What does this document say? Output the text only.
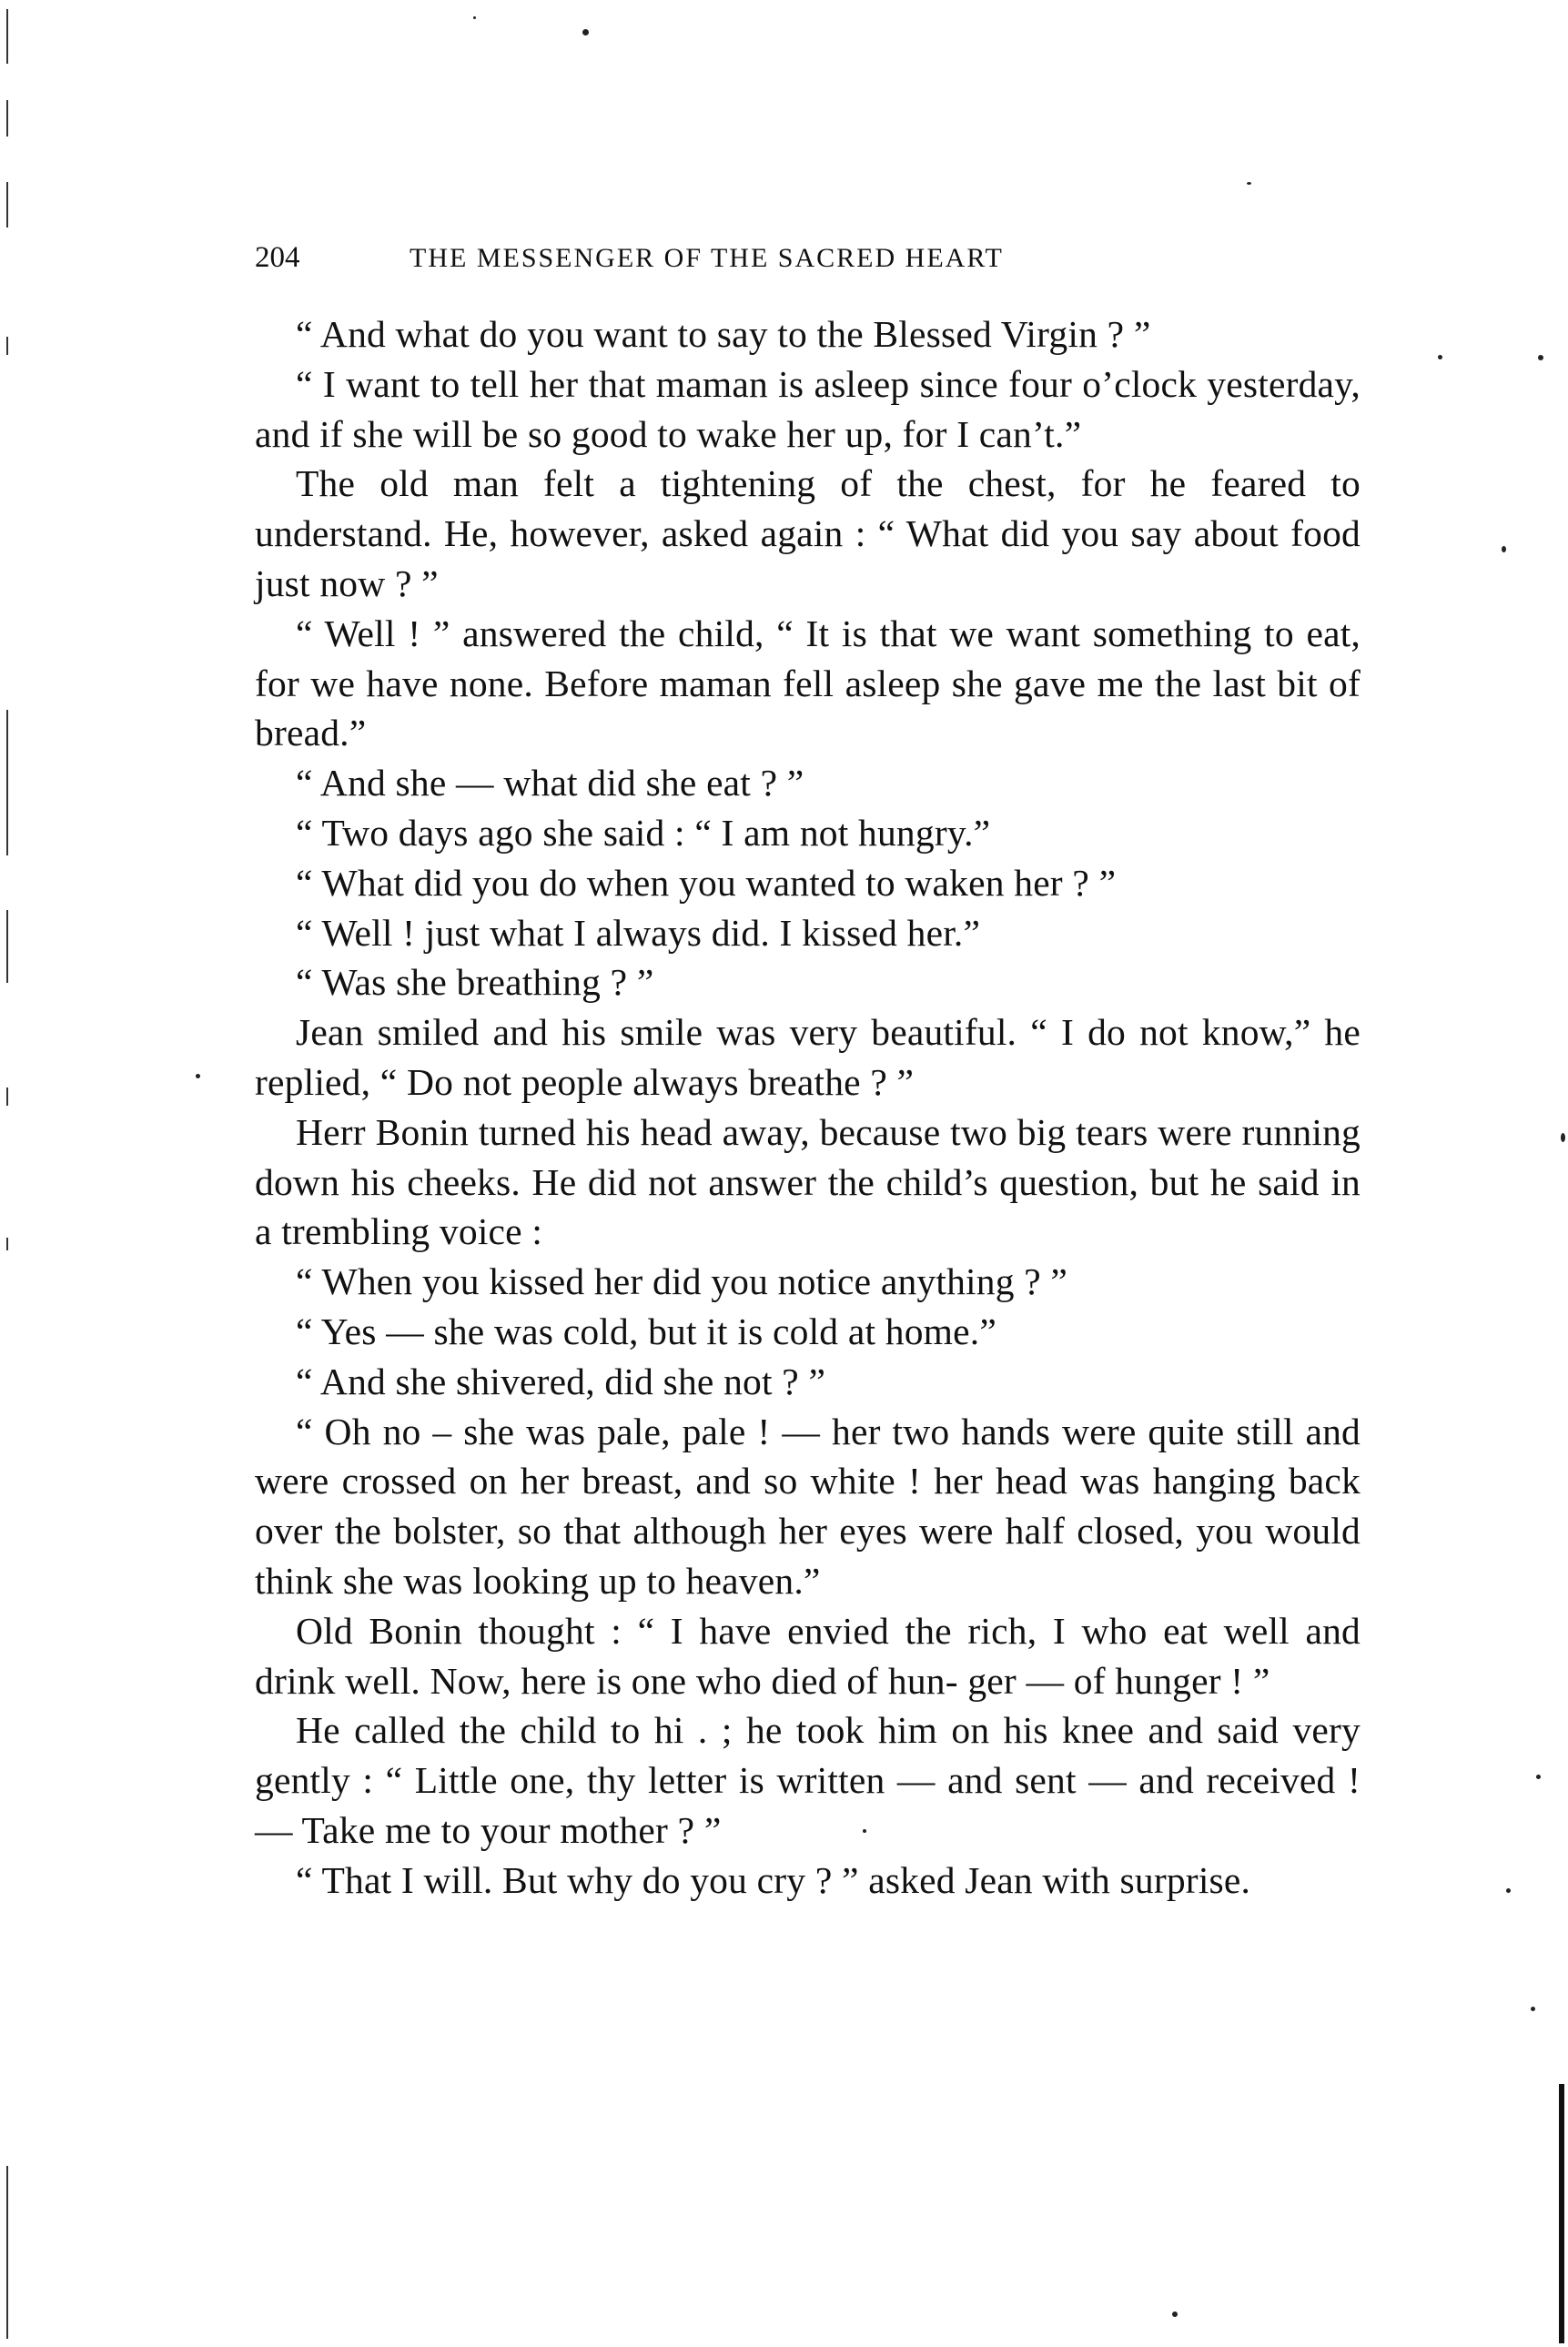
204	THE MESSENGER OF THE SACRED HEART

“ And what do you want to say to the Blessed Virgin ? ”

“ I want to tell her that maman is asleep since four o’clock yesterday, and if she will be so good to wake her up, for I can’t.”

The old man felt a tightening of the chest, for he feared to understand. He, however, asked again : “ What did you say about food just now ? ”

“ Well ! ” answered the child, “ It is that we want something to eat, for we have none. Before maman fell asleep she gave me the last bit of bread.”

“ And she — what did she eat ? ”

“ Two days ago she said : “ I am not hungry.”

“ What did you do when you wanted to waken her ? ”

“ Well ! just what I always did. I kissed her.”

“ Was she breathing ? ”

Jean smiled and his smile was very beautiful. “ I do not know,” he replied, “ Do not people always breathe ? ”

Herr Bonin turned his head away, because two big tears were running down his cheeks. He did not answer the child’s question, but he said in a trembling voice :

“ When you kissed her did you notice anything ? ”

“ Yes — she was cold, but it is cold at home.”

“ And she shivered, did she not ? ”

“ Oh no – she was pale, pale ! — her two hands were quite still and were crossed on her breast, and so white ! her head was hanging back over the bolster, so that although her eyes were half closed, you would think she was looking up to heaven.”

Old Bonin thought : “ I have envied the rich, I who eat well and drink well. Now, here is one who died of hun- ger — of hunger ! ”

He called the child to hi . ; he took him on his knee and said very gently : “ Little one, thy letter is written — and sent — and received ! — Take me to your mother ? ”

“ That I will. But why do you cry ? ” asked Jean with surprise.
